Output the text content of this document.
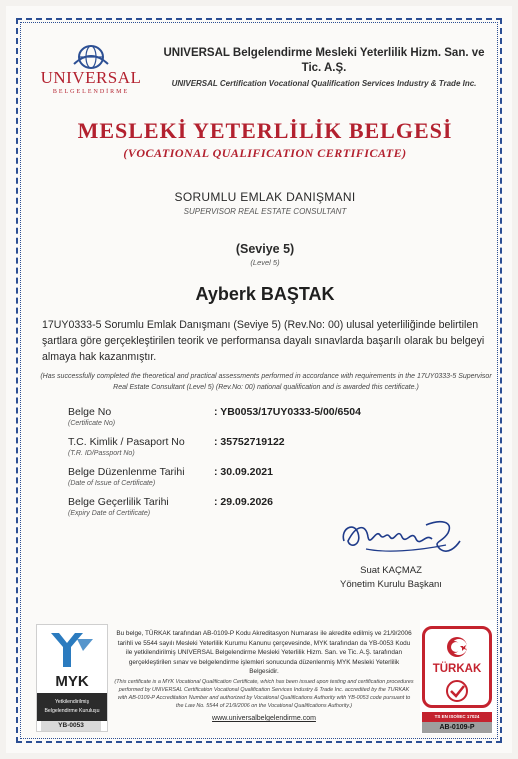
UNIVERSAL
BELGELENDİRME
UNIVERSAL Belgelendirme Mesleki Yeterlilik Hizm. San. ve Tic. A.Ş.
UNIVERSAL Certification Vocational Qualification Services Industry & Trade Inc.
MESLEKİ YETERLİLİK BELGESİ
(VOCATIONAL QUALIFICATION CERTIFICATE)
SORUMLU EMLAK DANIŞMANI
SUPERVISOR REAL ESTATE CONSULTANT
(Seviye 5)
(Level 5)
Ayberk BAŞTAK
17UY0333-5 Sorumlu Emlak Danışmanı (Seviye 5) (Rev.No: 00) ulusal yeterliliğinde belirtilen şartlara göre gerçekleştirilen teorik ve performansa dayalı sınavlarda başarılı olarak bu belgeyi almaya hak kazanmıştır.
(Has successfully completed the theoretical and practical assessments performed in accordance with requirements in the 17UY0333-5 Supervisor Real Estate Consultant (Level 5) (Rev.No: 00) national qualification and is awarded this certificate.)
Belge No
(Certificate No)
: YB0053/17UY0333-5/00/6504
T.C. Kimlik / Pasaport No
(T.R. ID/Passport No)
: 35752719122
Belge Düzenlenme Tarihi
(Date of Issue of Certificate)
: 30.09.2021
Belge Geçerlilik Tarihi
(Expiry Date of Certificate)
: 29.09.2026
Suat KAÇMAZ
Yönetim Kurulu Başkanı
MYK
Yetkilendirilmiş
Belgelendirme Kuruluşu
YB-0053
Bu belge, TÜRKAK tarafından AB-0109-P Kodu Akreditasyon Numarası ile akredite edilmiş ve 21/9/2006 tarihli ve 5544 sayılı Mesleki Yeterlilik Kurumu Kanunu çerçevesinde, MYK tarafından da YB-0053 Kodu ile yetkilendirilmiş UNIVERSAL Belgelendirme Mesleki Yeterlilik Hizm. San. ve Tic. A.Ş. tarafından gerçekleştirilen sınav ve belgelendirme işlemleri sonucunda düzenlenmiş MYK Mesleki Yeterlilik Belgesidir.
(This certificate is a MYK Vocational Qualification Certificate, which has been issued upon testing and certification procedures performed by UNIVERSAL Certification Vocational Qualification Services Industry & Trade Inc. accredited by the TURKAK with AB-0109-P Accreditation Number and authorized by Vocational Qualifications Authority with YB-0053 code pursuant to the Law No. 5544 of 21/9/2006 on the Vocational Qualifications Authority.)
www.universalbelgelendirme.com
TÜRKAK
TS EN ISO/IEC 17024
AB-0109-P
